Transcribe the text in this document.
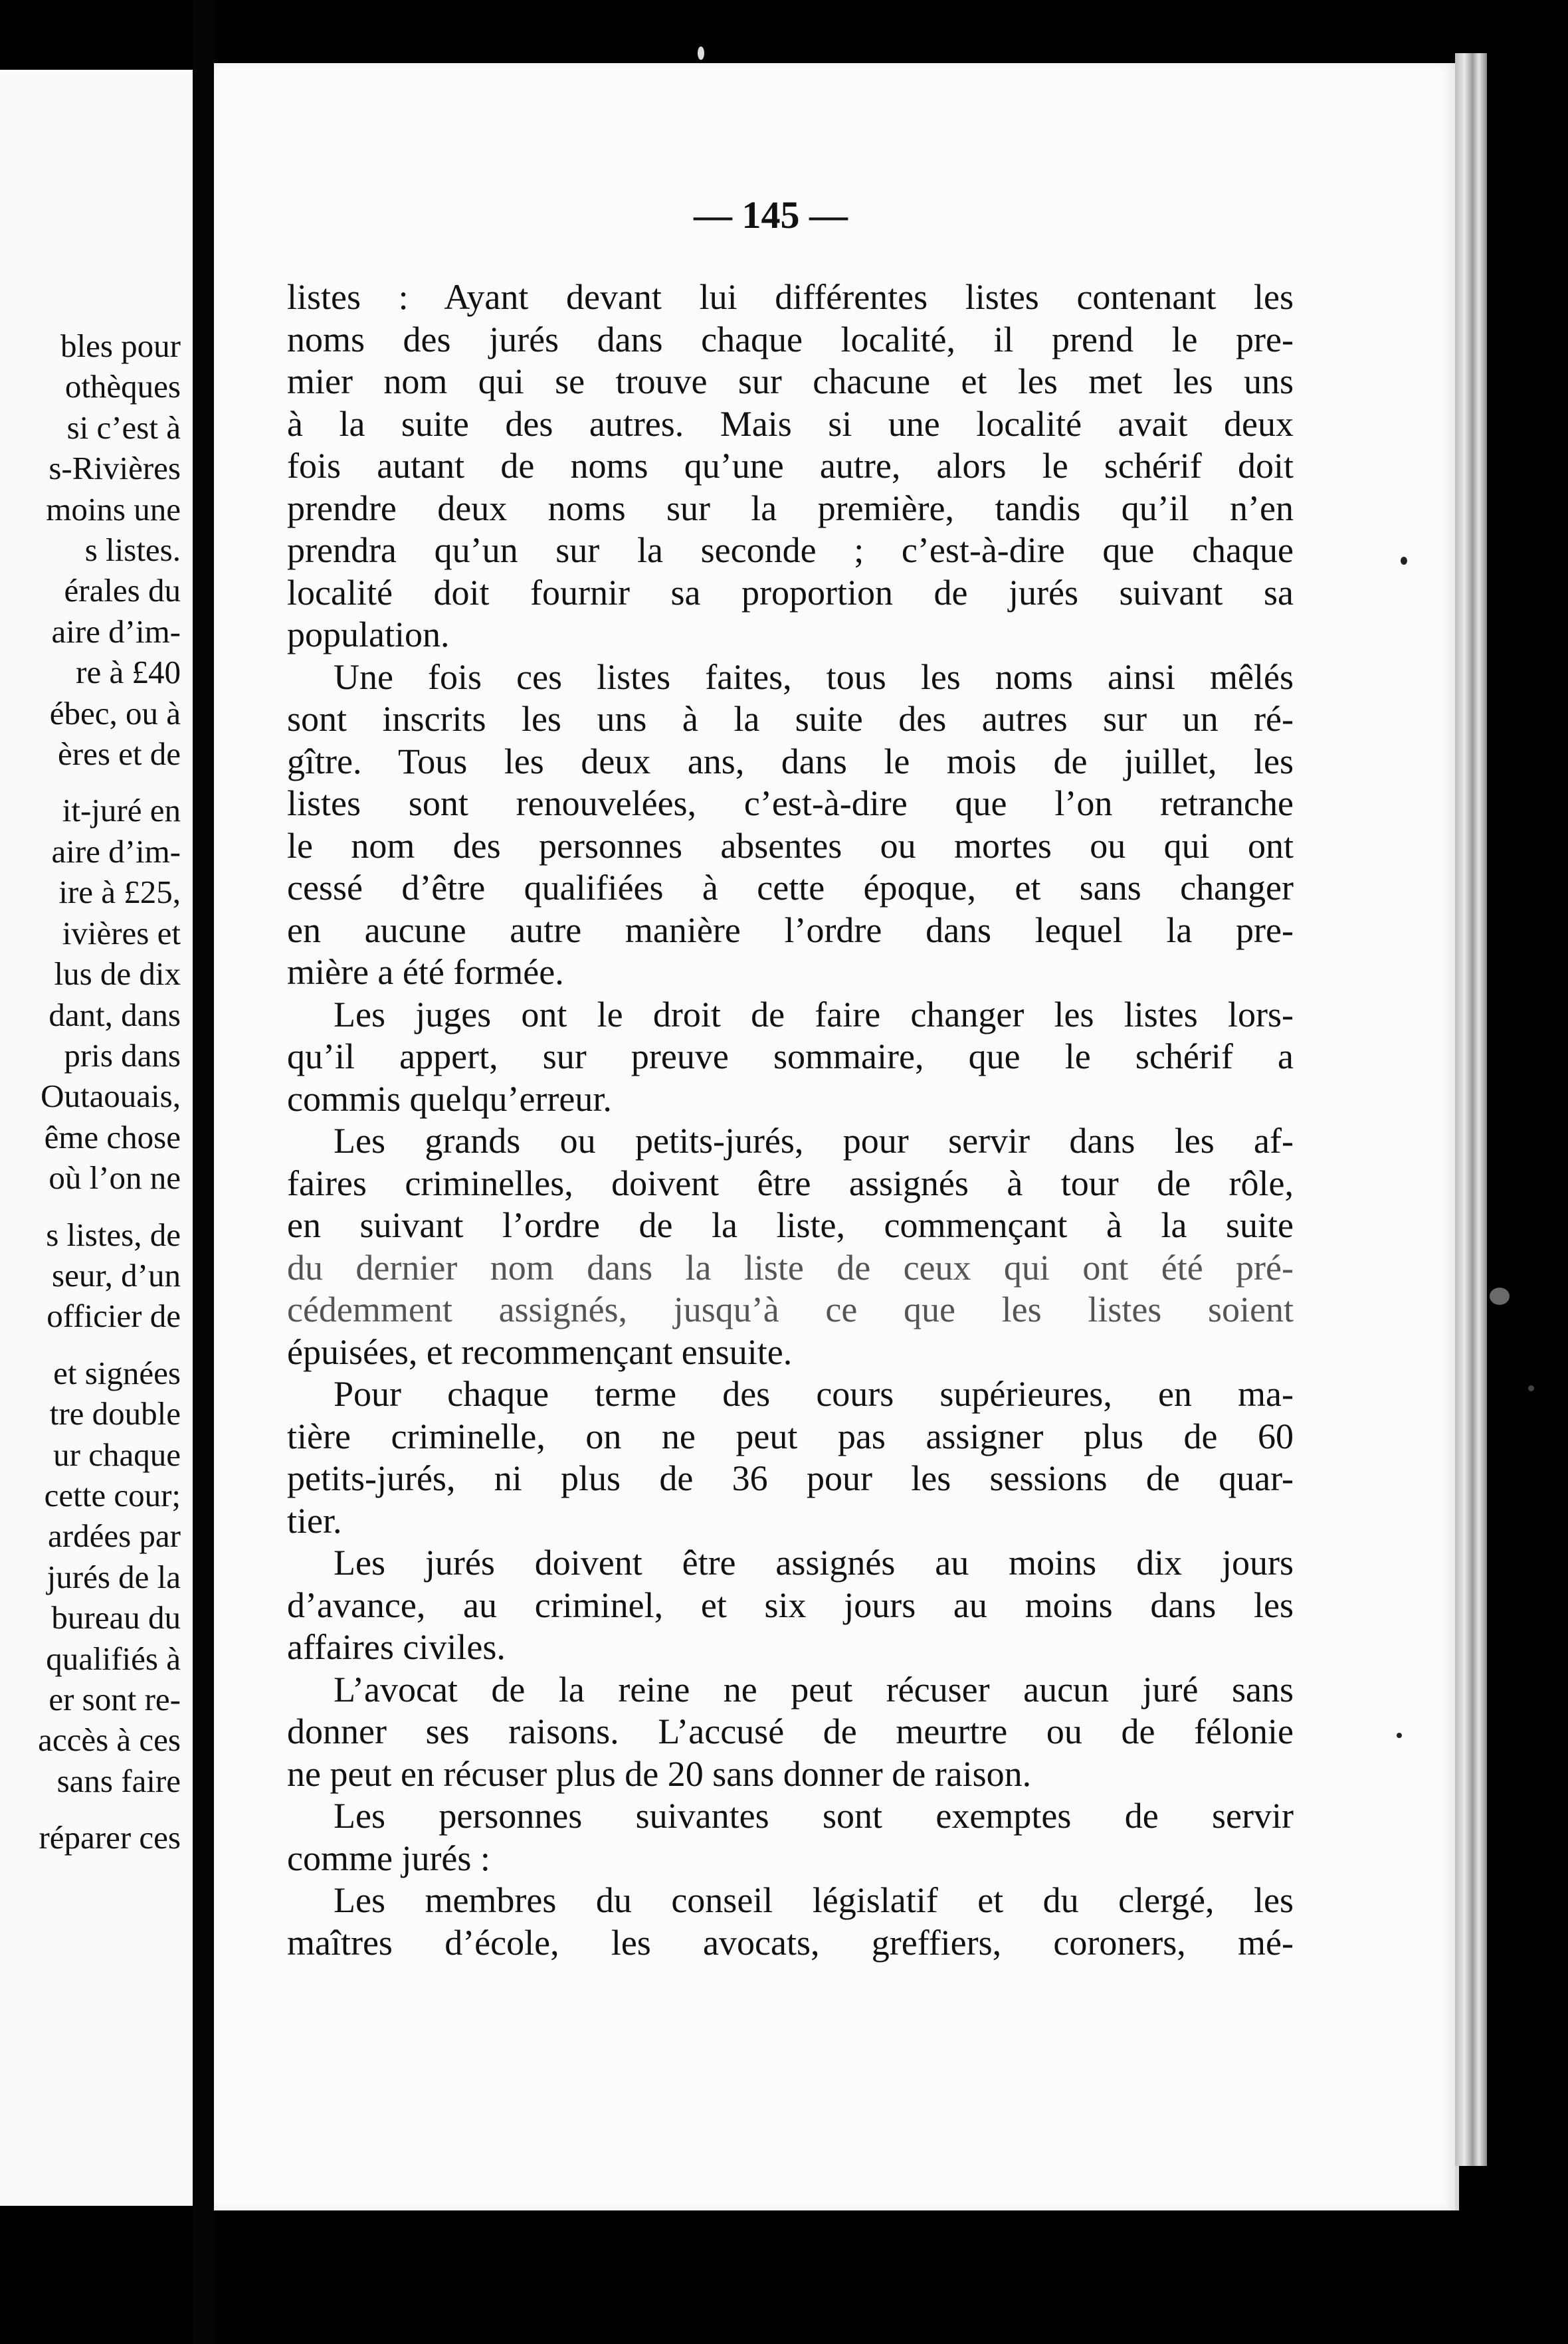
bles pour
othèques
si c’est à
s-Rivières
moins une
s listes.
érales du
aire d’im-
re à £40
ébec, ou à
ères et de
it-juré en
aire d’im-
ire à £25,
ivières et
lus de dix
dant, dans
pris dans
Outaouais,
ême chose
où l’on ne
s listes, de
seur, d’un
officier de
et signées
tre double
ur chaque
cette cour;
ardées par
jurés de la
bureau du
qualifiés à
er sont re-
accès à ces
sans faire
réparer ces
— 145 —
listes : Ayant devant lui différentes listes contenant les
noms des jurés dans chaque localité, il prend le pre-
mier nom qui se trouve sur chacune et les met les uns
à la suite des autres. Mais si une localité avait deux
fois autant de noms qu’une autre, alors le schérif doit
prendre deux noms sur la première, tandis qu’il n’en
prendra qu’un sur la seconde ; c’est-à-dire que chaque
localité doit fournir sa proportion de jurés suivant sa
population.
Une fois ces listes faites, tous les noms ainsi mêlés
sont inscrits les uns à la suite des autres sur un ré-
gître. Tous les deux ans, dans le mois de juillet, les
listes sont renouvelées, c’est-à-dire que l’on retranche
le nom des personnes absentes ou mortes ou qui ont
cessé d’être qualifiées à cette époque, et sans changer
en aucune autre manière l’ordre dans lequel la pre-
mière a été formée.
Les juges ont le droit de faire changer les listes lors-
qu’il appert, sur preuve sommaire, que le schérif a
commis quelqu’erreur.
Les grands ou petits-jurés, pour servir dans les af-
faires criminelles, doivent être assignés à tour de rôle,
en suivant l’ordre de la liste, commençant à la suite
du dernier nom dans la liste de ceux qui ont été pré-
cédemment assignés, jusqu’à ce que les listes soient
épuisées, et recommençant ensuite.
Pour chaque terme des cours supérieures, en ma-
tière criminelle, on ne peut pas assigner plus de 60
petits-jurés, ni plus de 36 pour les sessions de quar-
tier.
Les jurés doivent être assignés au moins dix jours
d’avance, au criminel, et six jours au moins dans les
affaires civiles.
L’avocat de la reine ne peut récuser aucun juré sans
donner ses raisons. L’accusé de meurtre ou de félonie
ne peut en récuser plus de 20 sans donner de raison.
Les personnes suivantes sont exemptes de servir
comme jurés :
Les membres du conseil législatif et du clergé, les
maîtres d’école, les avocats, greffiers, coroners, mé-
